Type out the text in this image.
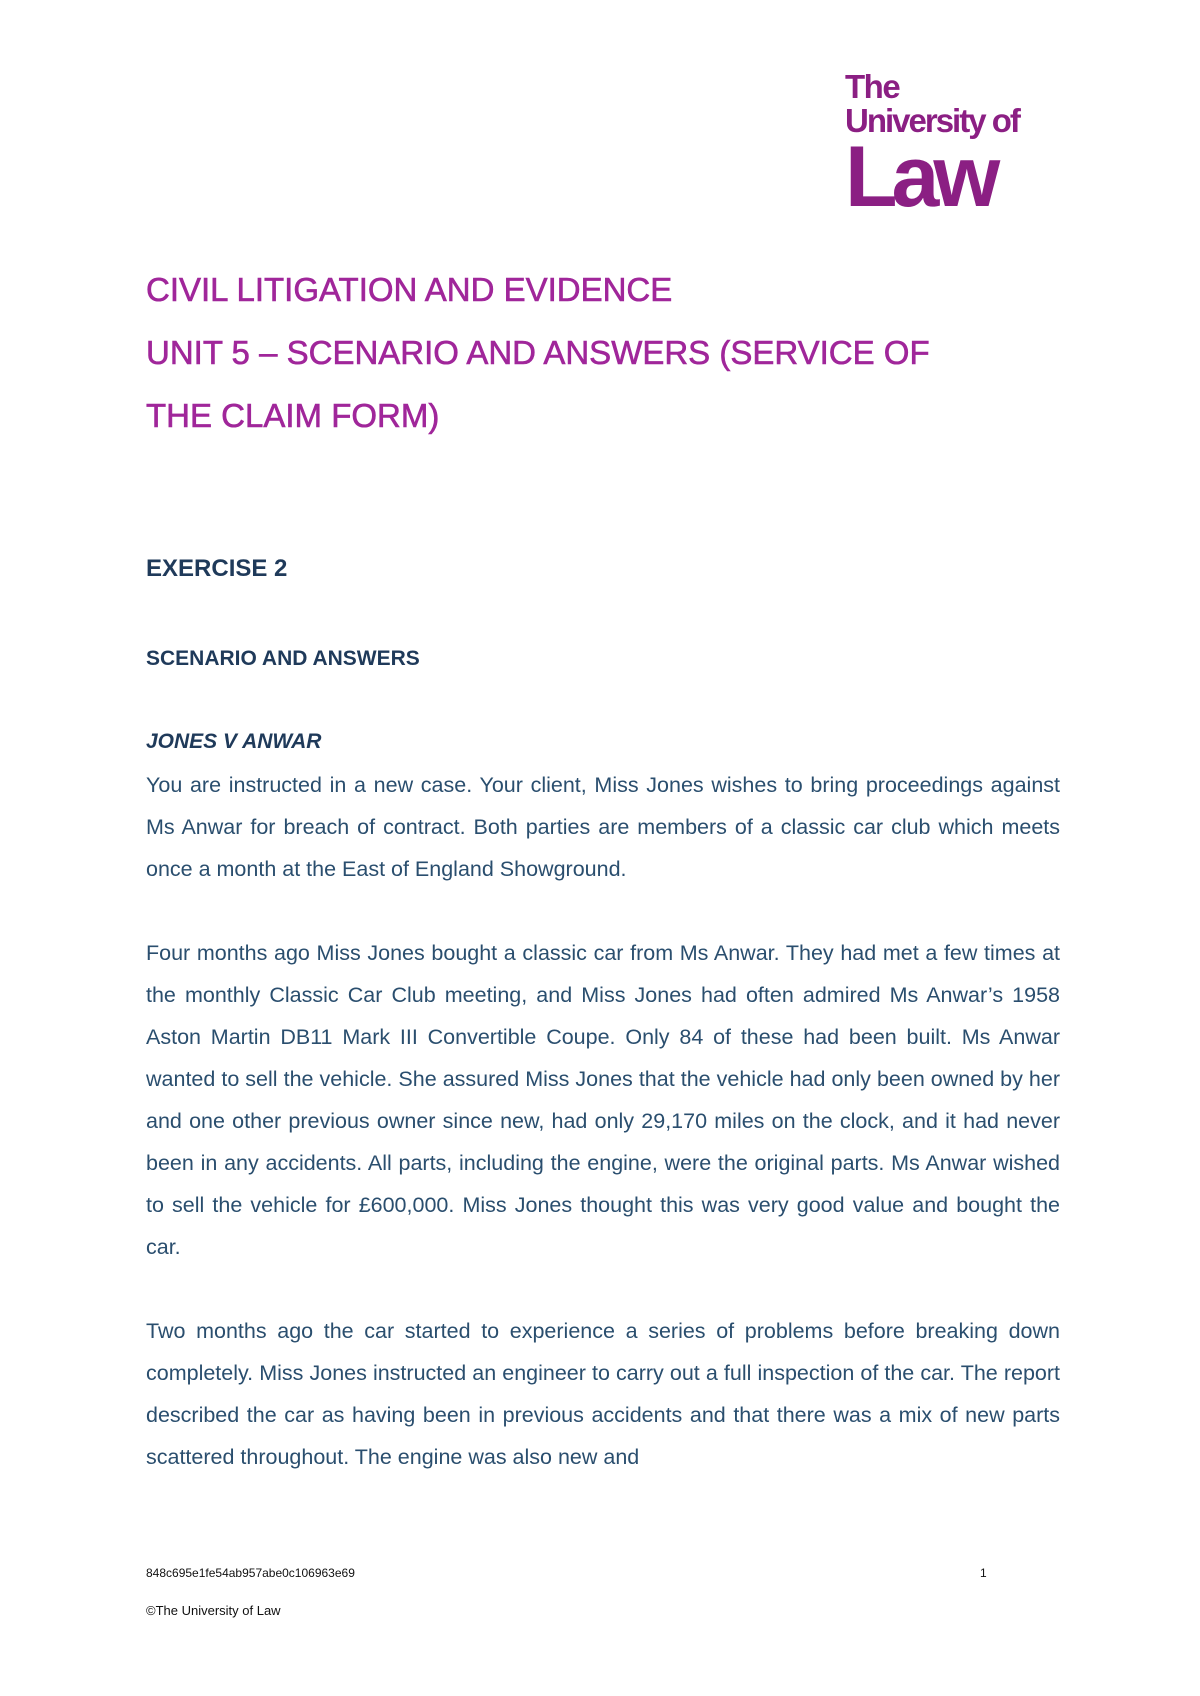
The
University of
Law
CIVIL LITIGATION AND EVIDENCE
UNIT 5 – SCENARIO AND ANSWERS (SERVICE OF
THE CLAIM FORM)
EXERCISE 2
SCENARIO AND ANSWERS
JONES V ANWAR

You are instructed in a new case. Your client, Miss Jones wishes to bring proceedings against Ms Anwar for breach of contract. Both parties are members of a classic car club which meets once a month at the East of England Showground.

Four months ago Miss Jones bought a classic car from Ms Anwar. They had met a few times at the monthly Classic Car Club meeting, and Miss Jones had often admired Ms Anwar’s 1958 Aston Martin DB11 Mark III Convertible Coupe. Only 84 of these had been built. Ms Anwar wanted to sell the vehicle. She assured Miss Jones that the vehicle had only been owned by her and one other previous owner since new, had only 29,170 miles on the clock, and it had never been in any accidents. All parts, including the engine, were the original parts. Ms Anwar wished to sell the vehicle for £600,000. Miss Jones thought this was very good value and bought the car.

Two months ago the car started to experience a series of problems before breaking down completely. Miss Jones instructed an engineer to carry out a full inspection of the car. The report described the car as having been in previous accidents and that there was a mix of new parts scattered throughout. The engine was also new and

848c695e1fe54ab957abe0c106963e69	1
©The University of Law
